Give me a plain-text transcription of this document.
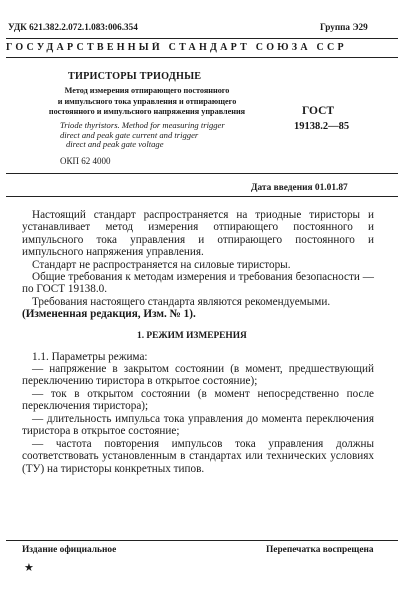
УДК 621.382.2.072.1.083:006.354	Группа Э29
ГОСУДАРСТВЕННЫЙ СТАНДАРТ СОЮЗА ССР
ТИРИСТОРЫ ТРИОДНЫЕ
Метод измерения отпирающего постоянного
и импульсного тока управления и отпирающего
постоянного и импульсного напряжения управления
Triode thyristors. Method for measuring trigger
direct and peak gate current and trigger
direct and peak gate voltage
ГОСТ
19138.2—85
ОКП 62 4000
Дата введения 01.01.87
Настоящий стандарт распространяется на триодные тиристоры и устанавливает метод измерения отпирающего постоянного и импульсного тока управления и отпирающего постоянного и импульсного напряжения управления.
Стандарт не распространяется на силовые тиристоры.
Общие требования к методам измерения и требования безопасности — по ГОСТ 19138.0.
Требования настоящего стандарта являются рекомендуемыми.
(Измененная редакция, Изм. № 1).
1. РЕЖИМ ИЗМЕРЕНИЯ
1.1. Параметры режима:
— напряжение в закрытом состоянии (в момент, предшествующий переключению тиристора в открытое состояние);
— ток в открытом состоянии (в момент непосредственно после переключения тиристора);
— длительность импульса тока управления до момента переключения тиристора в открытое состояние;
— частота повторения импульсов тока управления должны соответствовать установленным в стандартах или технических условиях (ТУ) на тиристоры конкретных типов.
Издание официальное	Перепечатка воспрещена
★
